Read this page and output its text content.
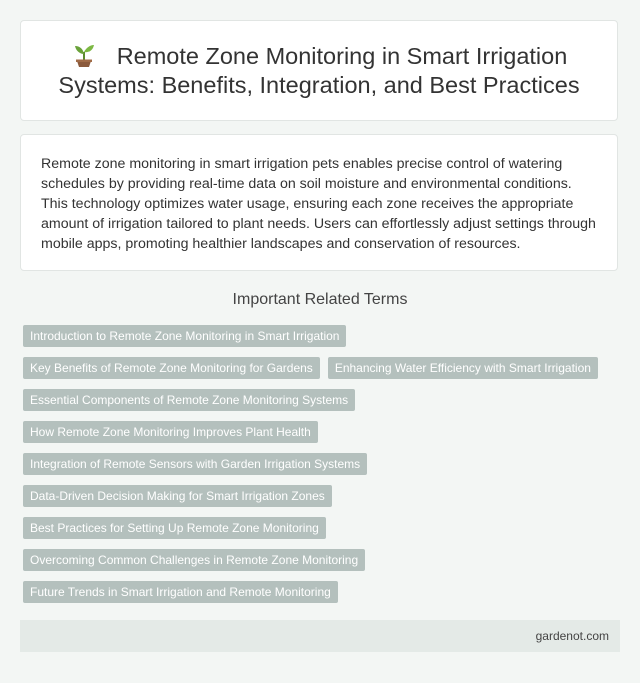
Remote Zone Monitoring in Smart Irrigation Systems: Benefits, Integration, and Best Practices

Remote zone monitoring in smart irrigation pets enables precise control of watering schedules by providing real-time data on soil moisture and environmental conditions. This technology optimizes water usage, ensuring each zone receives the appropriate amount of irrigation tailored to plant needs. Users can effortlessly adjust settings through mobile apps, promoting healthier landscapes and conservation of resources.

Important Related Terms
Introduction to Remote Zone Monitoring in Smart Irrigation
Key Benefits of Remote Zone Monitoring for Gardens	Enhancing Water Efficiency with Smart Irrigation
Essential Components of Remote Zone Monitoring Systems
How Remote Zone Monitoring Improves Plant Health
Integration of Remote Sensors with Garden Irrigation Systems
Data-Driven Decision Making for Smart Irrigation Zones
Best Practices for Setting Up Remote Zone Monitoring
Overcoming Common Challenges in Remote Zone Monitoring
Future Trends in Smart Irrigation and Remote Monitoring
gardenot.com
